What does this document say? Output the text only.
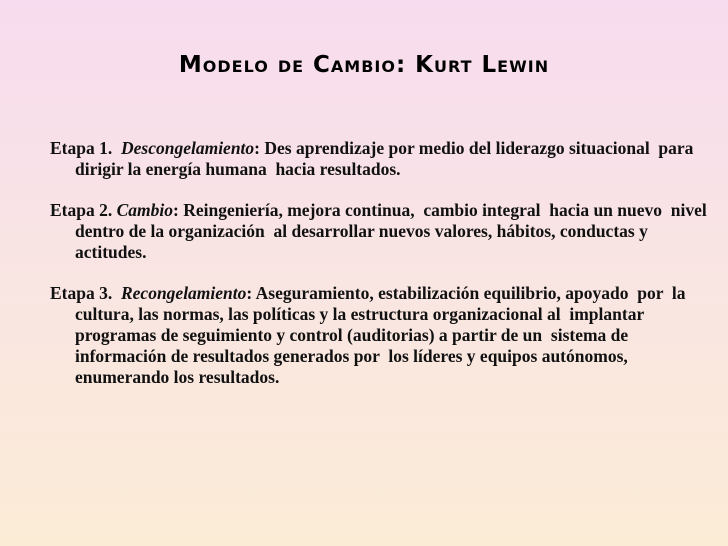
Modelo de Cambio: Kurt Lewin

Etapa 1.  Descongelamiento: Des aprendizaje por medio del liderazgo situacional  para dirigir la energía humana  hacia resultados.

Etapa 2. Cambio: Reingeniería, mejora continua,  cambio integral  hacia un nuevo  nivel dentro de la organización  al desarrollar nuevos valores, hábitos, conductas y actitudes.

Etapa 3.  Recongelamiento: Aseguramiento, estabilización equilibrio, apoyado  por  la cultura, las normas, las políticas y la estructura organizacional al  implantar programas de seguimiento y control (auditorias) a partir de un  sistema de información de resultados generados por  los líderes y equipos autónomos, enumerando los resultados.
